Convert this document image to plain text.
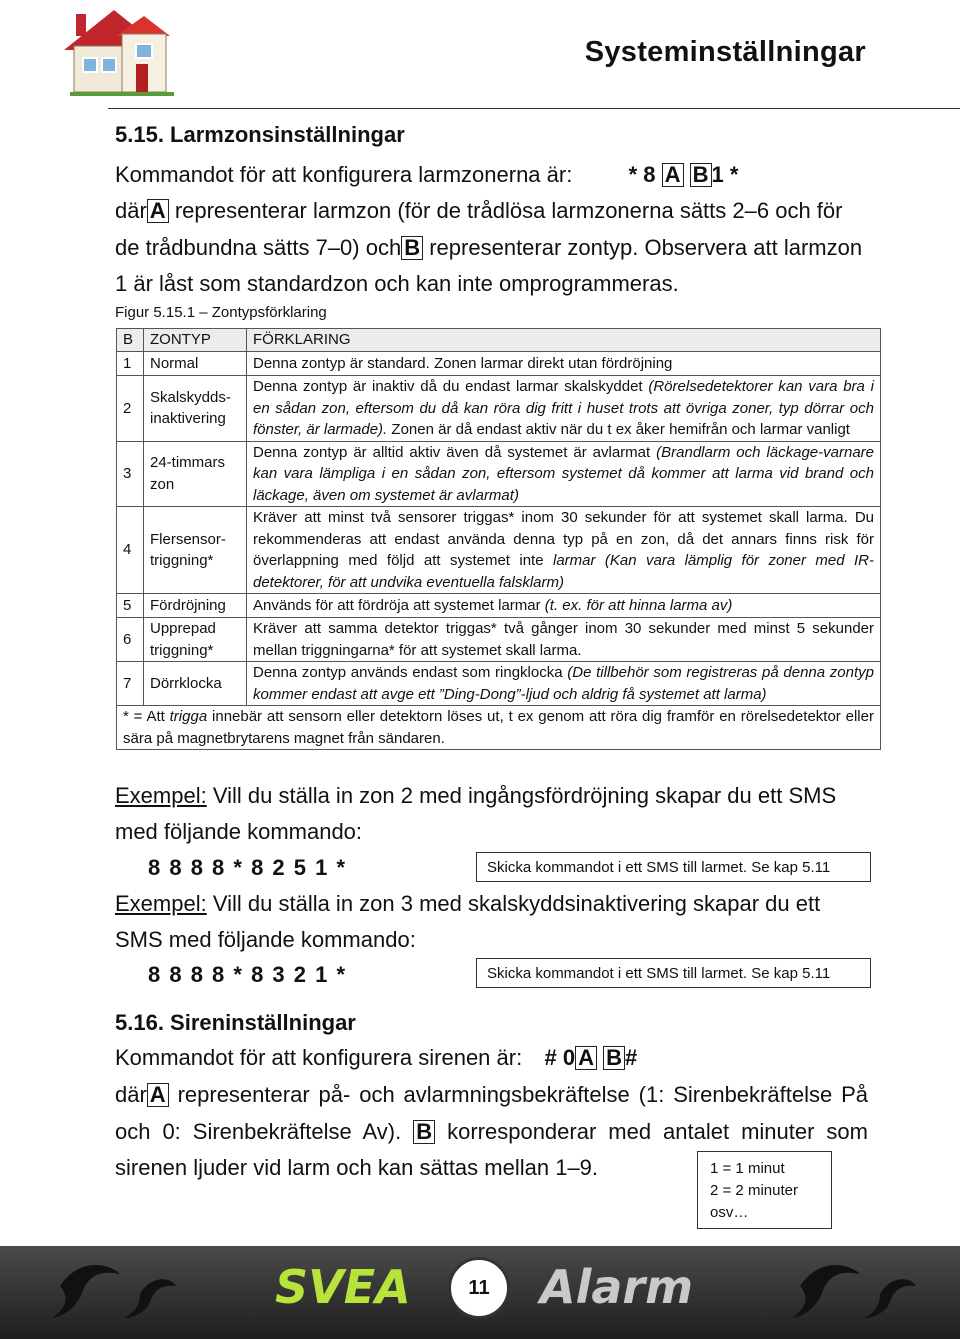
Systeminställningar
5.15. Larmzonsinställningar
Kommandot för att konfigurera larmzonerna är:	* 8 A B 1 *
där A representerar larmzon (för de trådlösa larmzonerna sätts 2–6 och för de trådbundna sätts 7–0) och B representerar zontyp. Observera att larmzon 1 är låst som standardzon och kan inte omprogrammeras.
Figur 5.15.1 – Zontypsförklaring
B	ZONTYP	FÖRKLARING
1	Normal	Denna zontyp är standard. Zonen larmar direkt utan fördröjning
2	Skalskydds-inaktivering	Denna zontyp är inaktiv då du endast larmar skalskyddet (Rörelsedetektorer kan vara bra i en sådan zon, eftersom du då kan röra dig fritt i huset trots att övriga zoner, typ dörrar och fönster, är larmade). Zonen är då endast aktiv när du t ex åker hemifrån och larmar vanligt
3	24-timmars zon	Denna zontyp är alltid aktiv även då systemet är avlarmat (Brandlarm och läckage-varnare kan vara lämpliga i en sådan zon, eftersom systemet då kommer att larma vid brand och läckage, även om systemet är avlarmat)
4	Flersensor-triggning*	Kräver att minst två sensorer triggas* inom 30 sekunder för att systemet skall larma. Du rekommenderas att endast använda denna typ på en zon, då det annars finns risk för överlappning med följd att systemet inte larmar (Kan vara lämplig för zoner med IR-detektorer, för att undvika eventuella falsklarm)
5	Fördröjning	Används för att fördröja att systemet larmar (t. ex. för att hinna larma av)
6	Upprepad triggning*	Kräver att samma detektor triggas* två gånger inom 30 sekunder med minst 5 sekunder mellan triggningarna* för att systemet skall larma.
7	Dörrklocka	Denna zontyp används endast som ringklocka (De tillbehör som registreras på denna zontyp kommer endast att avge ett ”Ding-Dong”-ljud och aldrig få systemet att larma)
* = Att trigga innebär att sensorn eller detektorn löses ut, t ex genom att röra dig framför en rörelsedetektor eller sära på magnetbrytarens magnet från sändaren.		
Exempel: Vill du ställa in zon 2 med ingångsfördröjning skapar du ett SMS med följande kommando:
8 8 8 8 * 8 2 5 1 *	Skicka kommandot i ett SMS till larmet. Se kap 5.11
Exempel: Vill du ställa in zon 3 med skalskyddsinaktivering skapar du ett SMS med följande kommando:
8 8 8 8 * 8 3 2 1 *	Skicka kommandot i ett SMS till larmet. Se kap 5.11
5.16. Sireninställningar
Kommandot för att konfigurera sirenen är: # 0 A B #
där A representerar på- och avlarmningsbekräftelse (1: Sirenbekräftelse På och 0: Sirenbekräftelse Av). B korresponderar med antalet minuter som sirenen ljuder vid larm och kan sättas mellan 1–9.	1 = 1 minut
2 = 2 minuter
osv…
SVEA	Alarm
11
